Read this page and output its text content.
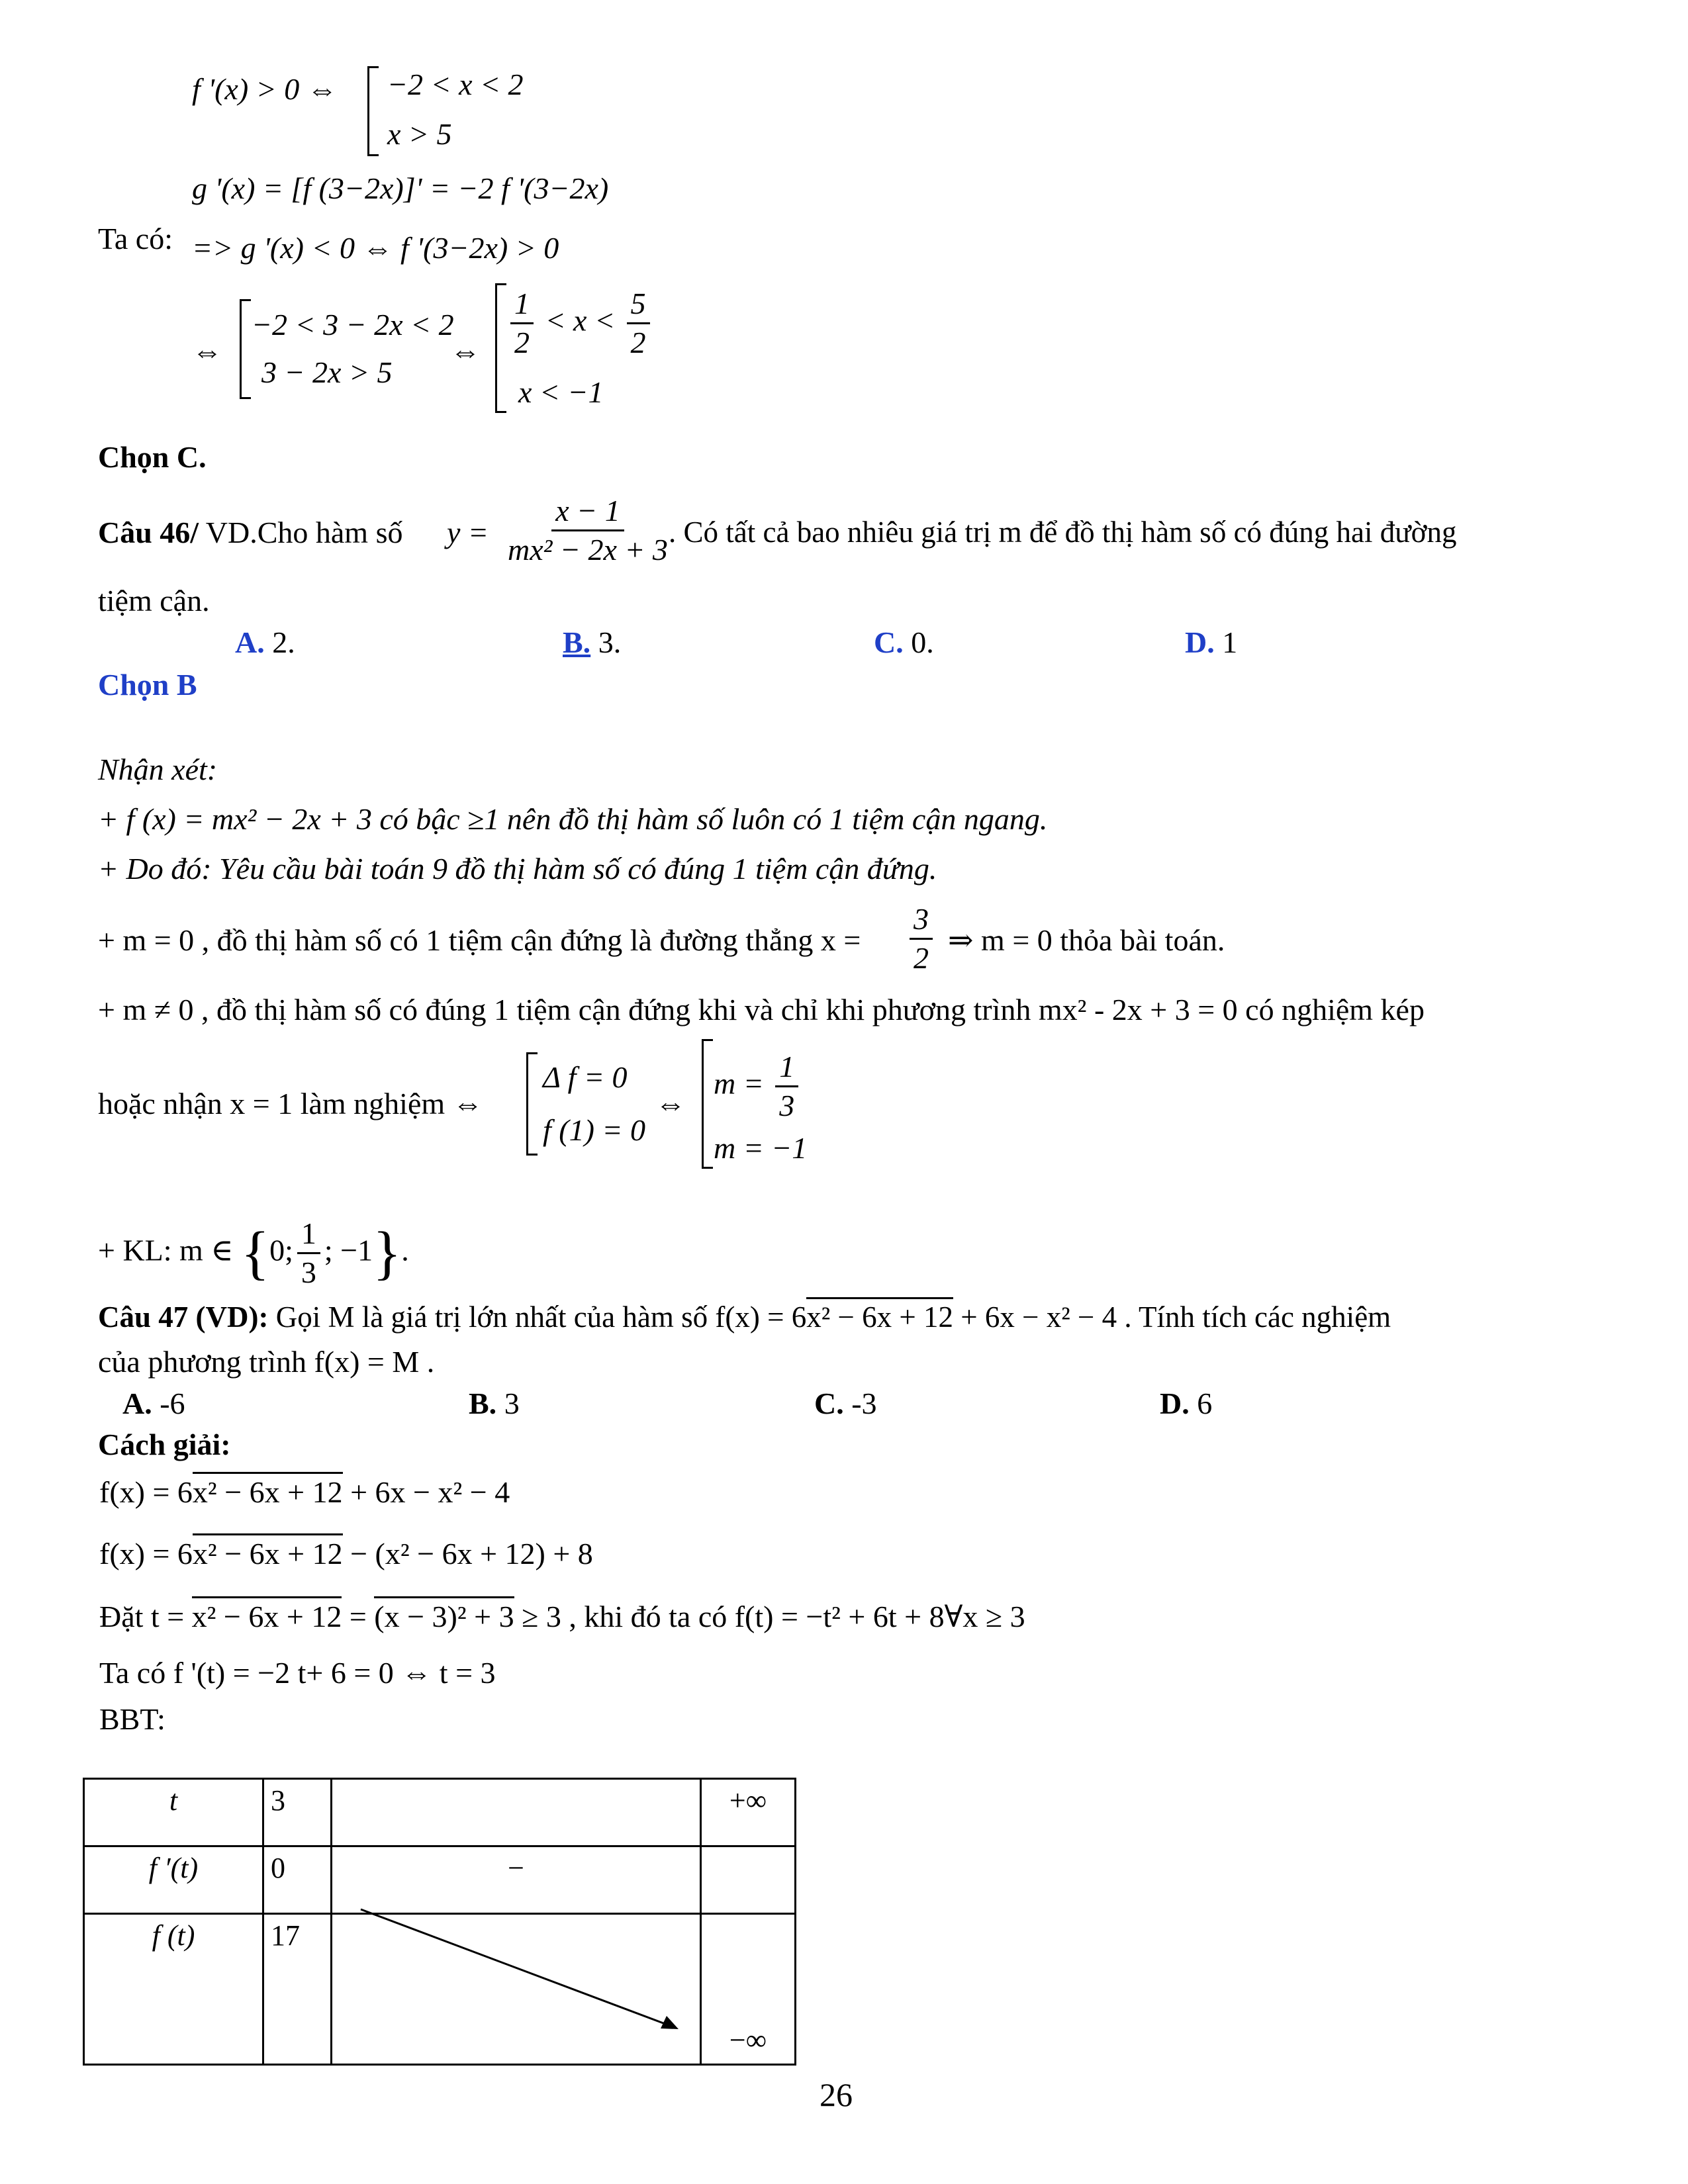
f '(x) > 0 ⇔ −2 < x < 2
x > 5
g '(x) = [f (3−2x)]' = −2 f '(3−2x)
Ta có: => g '(x) < 0 ⇔ f '(3−2x) > 0
⇔
−2 < 3 − 2x < 2
3 − 2x > 5
⇔ $\frac{1}{2} < x < \frac{5}{2}$
x < −1
Chọn C.
Câu 46/ VD.Cho hàm số $y = \frac{x - 1}{\text{mx² − 2x + 3}}$
. Có tất cả bao nhiêu giá trị m để đồ thị hàm số có đúng hai đường
tiệm cận.
A. 2.	B. 3.	C. 0.	D. 1
Chọn B
Nhận xét:
+ f (x) = mx² − 2x + 3 có bậc ≥1 nên đồ thị hàm số luôn có 1 tiệm cận ngang.
+ Do đó: Yêu cầu bài toán 9 đồ thị hàm số có đúng 1 tiệm cận đứng.
+ m = 0 , đồ thị hàm số có 1 tiệm cận đứng là đường thẳng $x = \frac{3}{2}$ ⇒ m = 0 thỏa bài toán.
+ m ≠ 0 , đồ thị hàm số có đúng 1 tiệm cận đứng khi và chỉ khi phương trình mx² - 2x + 3 = 0 có nghiệm kép
hoặc nhận x = 1 làm nghiệm ⇔
Δ f = 0
f (1) = 0
⇔
$m = \frac{1}{3}$
m = −1
+ KL: m ∈ {0; $\frac{1}{3}$ ; −1}.
Câu 47 (VD): Gọi M là giá trị lớn nhất của hàm số f(x) = 6x² − 6x + 12 + 6x − x² − 4 . Tính tích các nghiệm
của phương trình f(x) = M .
A. -6	B. 3	C. -3	D. 6
Cách giải:
f(x) = 6x² − 6x + 12 + 6x − x² − 4
f(x) = 6x² − 6x + 12 − (x² − 6x + 12) + 8
Đặt t = x² − 6x + 12 = (x − 3)² + 3 ≥ 3 , khi đó ta có f(t) = −t² + 6t + 8∀x ≥ 3
Ta có f '(t) = −2 t+ 6 = 0 ⇔ t = 3
BBT:
t	3		+∞
f ′(t)	0	−	
f (t)	17		−∞
26
